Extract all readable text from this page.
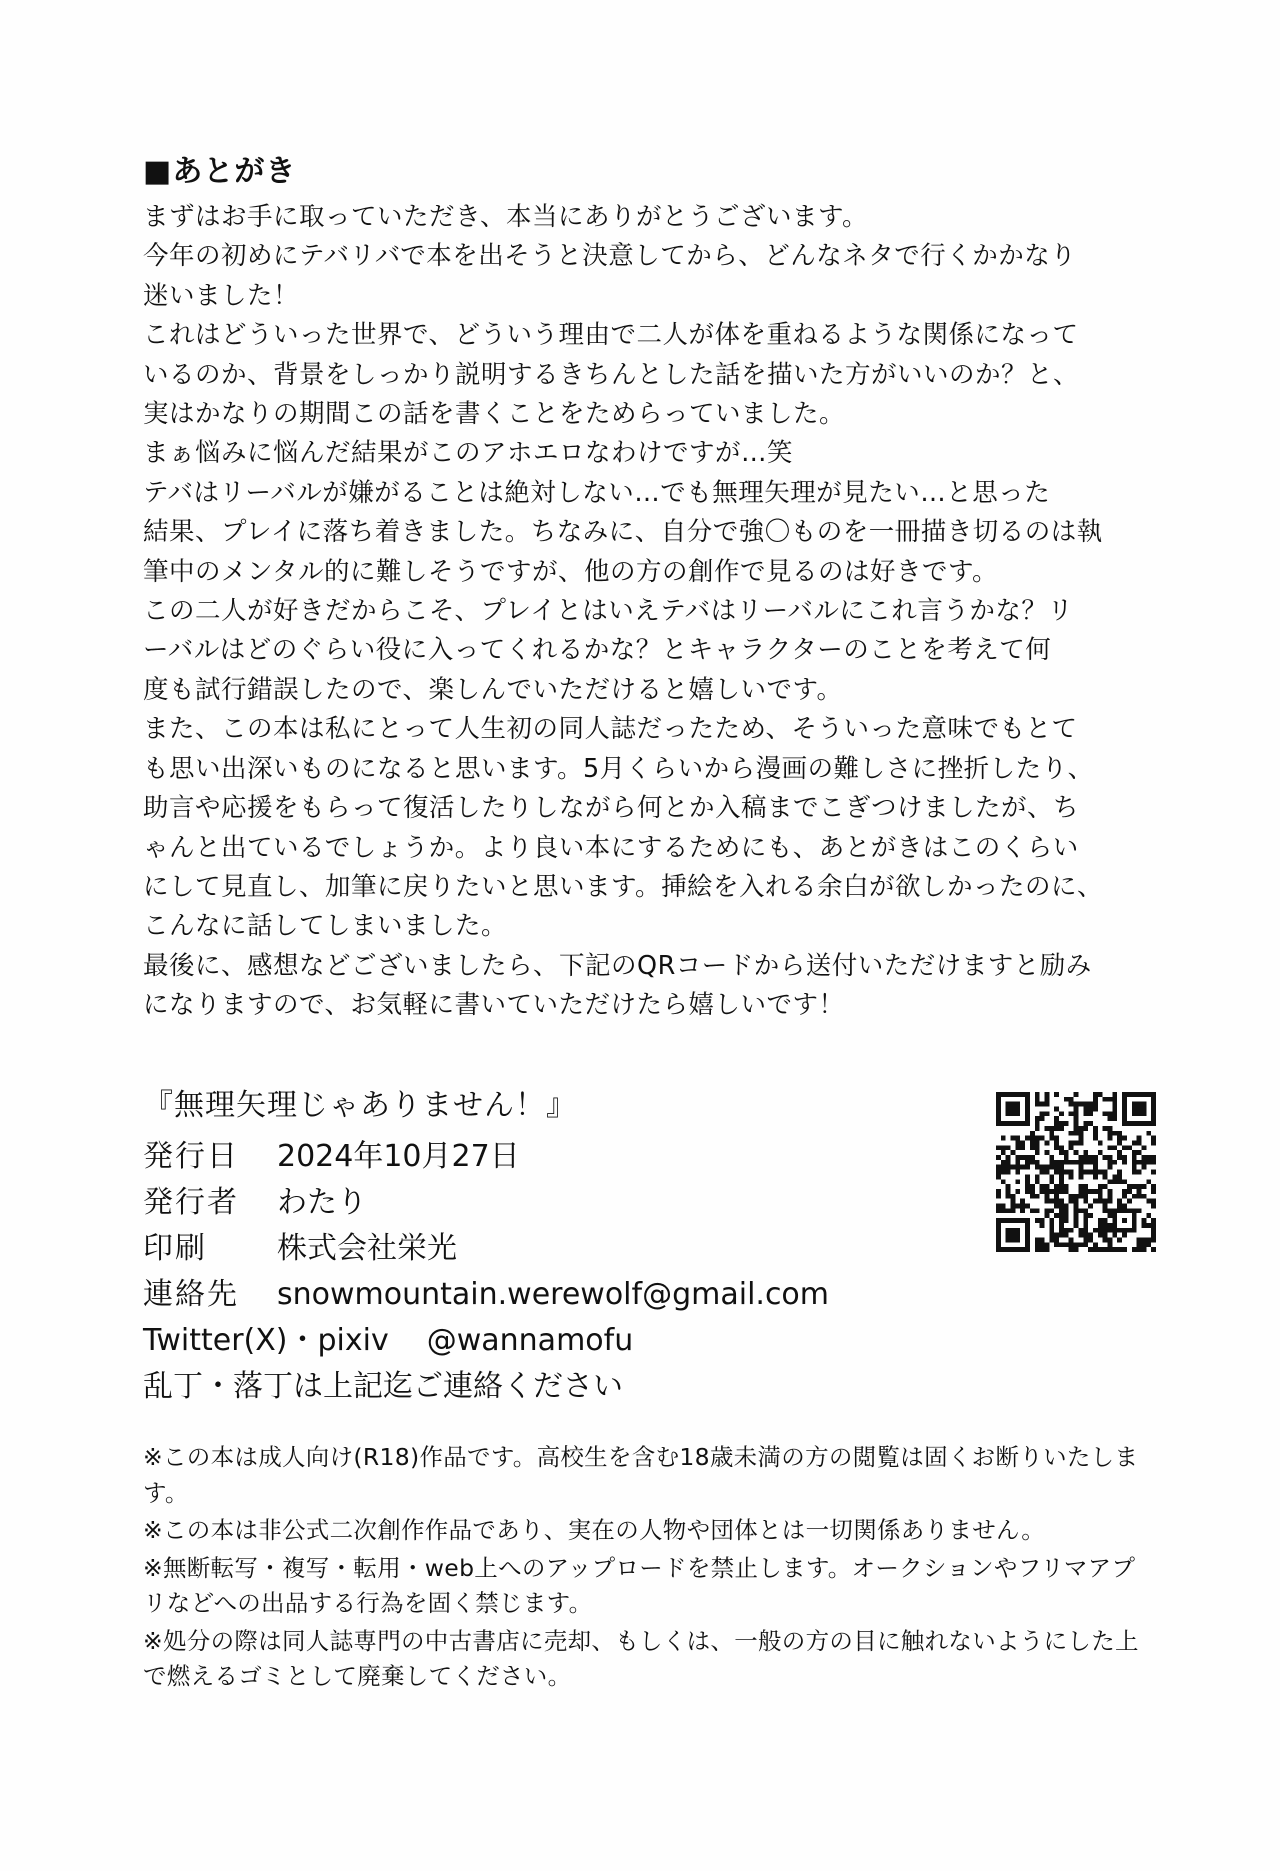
■あとがき

まずはお手に取っていただき、本当にありがとうございます。

今年の初めにテバリバで本を出そうと決意してから、どんなネタで行くかかなり

迷いました！

これはどういった世界で、どういう理由で二人が体を重ねるような関係になって

いるのか、背景をしっかり説明するきちんとした話を描いた方がいいのか？と、

実はかなりの期間この話を書くことをためらっていました。

まぁ悩みに悩んだ結果がこのアホエロなわけですが…笑

テバはリーバルが嫌がることは絶対しない…でも無理矢理が見たい…と思った

結果、プレイに落ち着きました。ちなみに、自分で強〇ものを一冊描き切るのは執

筆中のメンタル的に難しそうですが、他の方の創作で見るのは好きです。

この二人が好きだからこそ、プレイとはいえテバはリーバルにこれ言うかな？リ

ーバルはどのぐらい役に入ってくれるかな？とキャラクターのことを考えて何

度も試行錯誤したので、楽しんでいただけると嬉しいです。

また、この本は私にとって人生初の同人誌だったため、そういった意味でもとて

も思い出深いものになると思います。5月くらいから漫画の難しさに挫折したり、

助言や応援をもらって復活したりしながら何とか入稿までこぎつけましたが、ち

ゃんと出ているでしょうか。より良い本にするためにも、あとがきはこのくらい

にして見直し、加筆に戻りたいと思います。挿絵を入れる余白が欲しかったのに、

こんなに話してしまいました。

最後に、感想などございましたら、下記のQRコードから送付いただけますと励み

になりますので、お気軽に書いていただけたら嬉しいです！

『無理矢理じゃありません！』
発行日	2024年10月27日
発行者	わたり
印刷	株式会社栄光
連絡先	snowmountain.werewolf@gmail.com
Twitter(X)・pixiv @wannamofu
乱丁・落丁は上記迄ご連絡ください

※この本は成人向け(R18)作品です。高校生を含む18歳未満の方の閲覧は固くお断りいたします。

※この本は非公式二次創作作品であり、実在の人物や団体とは一切関係ありません。

※無断転写・複写・転用・web上へのアップロードを禁止します。オークションやフリマアプリなどへの出品する行為を固く禁じます。

※処分の際は同人誌専門の中古書店に売却、もしくは、一般の方の目に触れないようにした上で燃えるゴミとして廃棄してください。
